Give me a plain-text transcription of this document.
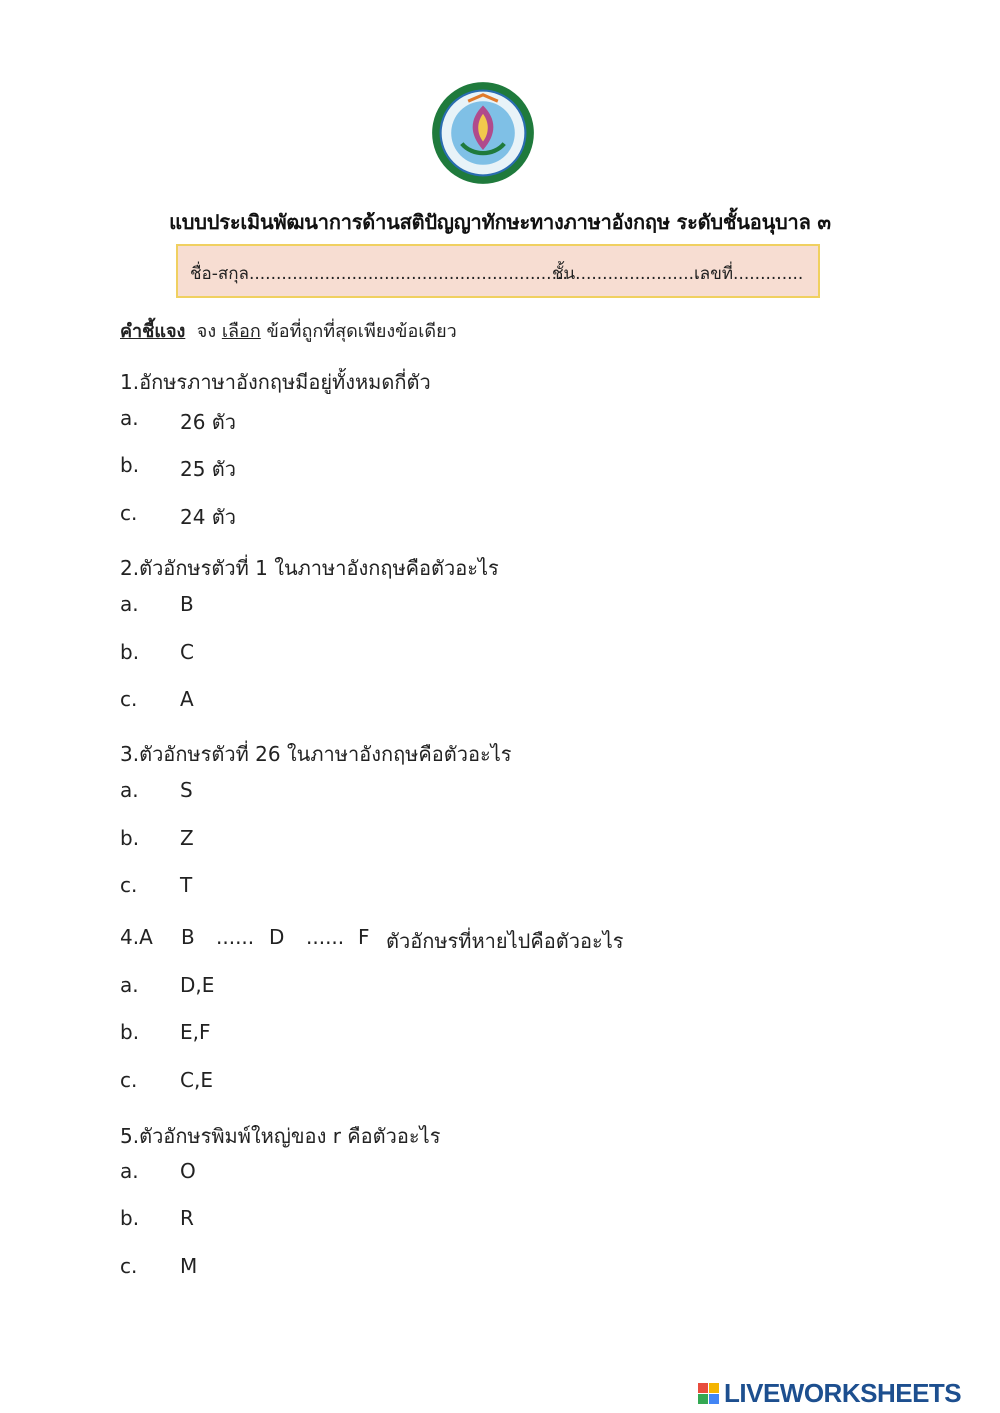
แบบประเมินพัฒนาการด้านสติปัญญาทักษะทางภาษาอังกฤษ ระดับชั้นอนุบาล ๓
ชื่อ-สกุล...........................................................
ชั้น........................
เลขที่.............
คำชี้แจง จง เลือก ข้อที่ถูกที่สุดเพียงข้อเดียว
1.อักษรภาษาอังกฤษมีอยู่ทั้งหมดกี่ตัว
a. 26 ตัว
b. 25 ตัว
c. 24 ตัว
2.ตัวอักษรตัวที่ 1 ในภาษาอังกฤษคือตัวอะไร
a. B
b. C
c. A
3.ตัวอักษรตัวที่ 26 ในภาษาอังกฤษคือตัวอะไร
a. S
b. Z
c. T
4.A B ...... D ...... F ตัวอักษรที่หายไปคือตัวอะไร
a. D,E
b. E,F
c. C,E
5.ตัวอักษรพิมพ์ใหญ่ของ r คือตัวอะไร
a. O
b. R
c. M
LIVEWORKSHEETS
